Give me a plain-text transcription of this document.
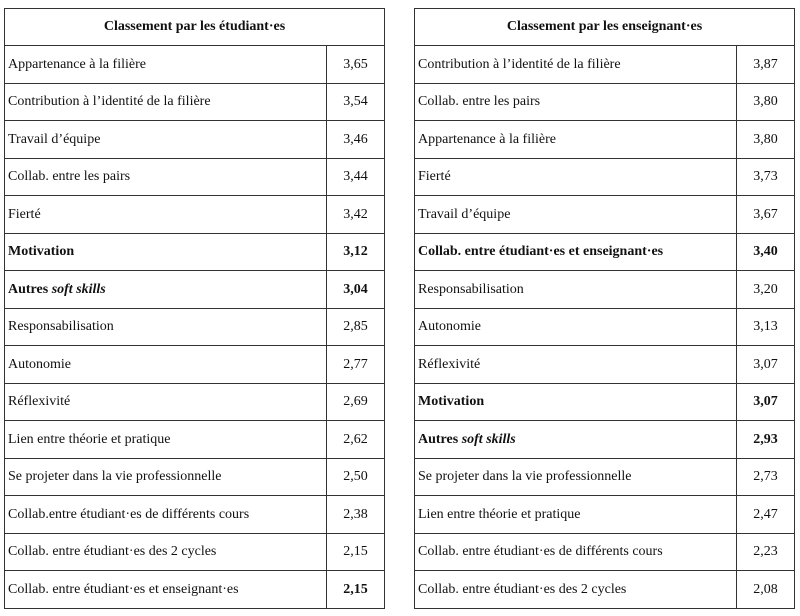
Classement par les étudiant·es	
Appartenance à la filière	3,65
Contribution à l’identité de la filière	3,54
Travail d’équipe	3,46
Collab. entre les pairs	3,44
Fierté	3,42
Motivation	3,12
Autres soft skills	3,04
Responsabilisation	2,85
Autonomie	2,77
Réflexivité	2,69
Lien entre théorie et pratique	2,62
Se projeter dans la vie professionnelle	2,50
Collab.entre étudiant·es de différents cours	2,38
Collab. entre étudiant·es des 2 cycles	2,15
Collab. entre étudiant·es et enseignant·es	2,15
Classement par les enseignant·es	
Contribution à l’identité de la filière	3,87
Collab. entre les pairs	3,80
Appartenance à la filière	3,80
Fierté	3,73
Travail d’équipe	3,67
Collab. entre étudiant·es et enseignant·es	3,40
Responsabilisation	3,20
Autonomie	3,13
Réflexivité	3,07
Motivation	3,07
Autres soft skills	2,93
Se projeter dans la vie professionnelle	2,73
Lien entre théorie et pratique	2,47
Collab. entre étudiant·es de différents cours	2,23
Collab. entre étudiant·es des 2 cycles	2,08
